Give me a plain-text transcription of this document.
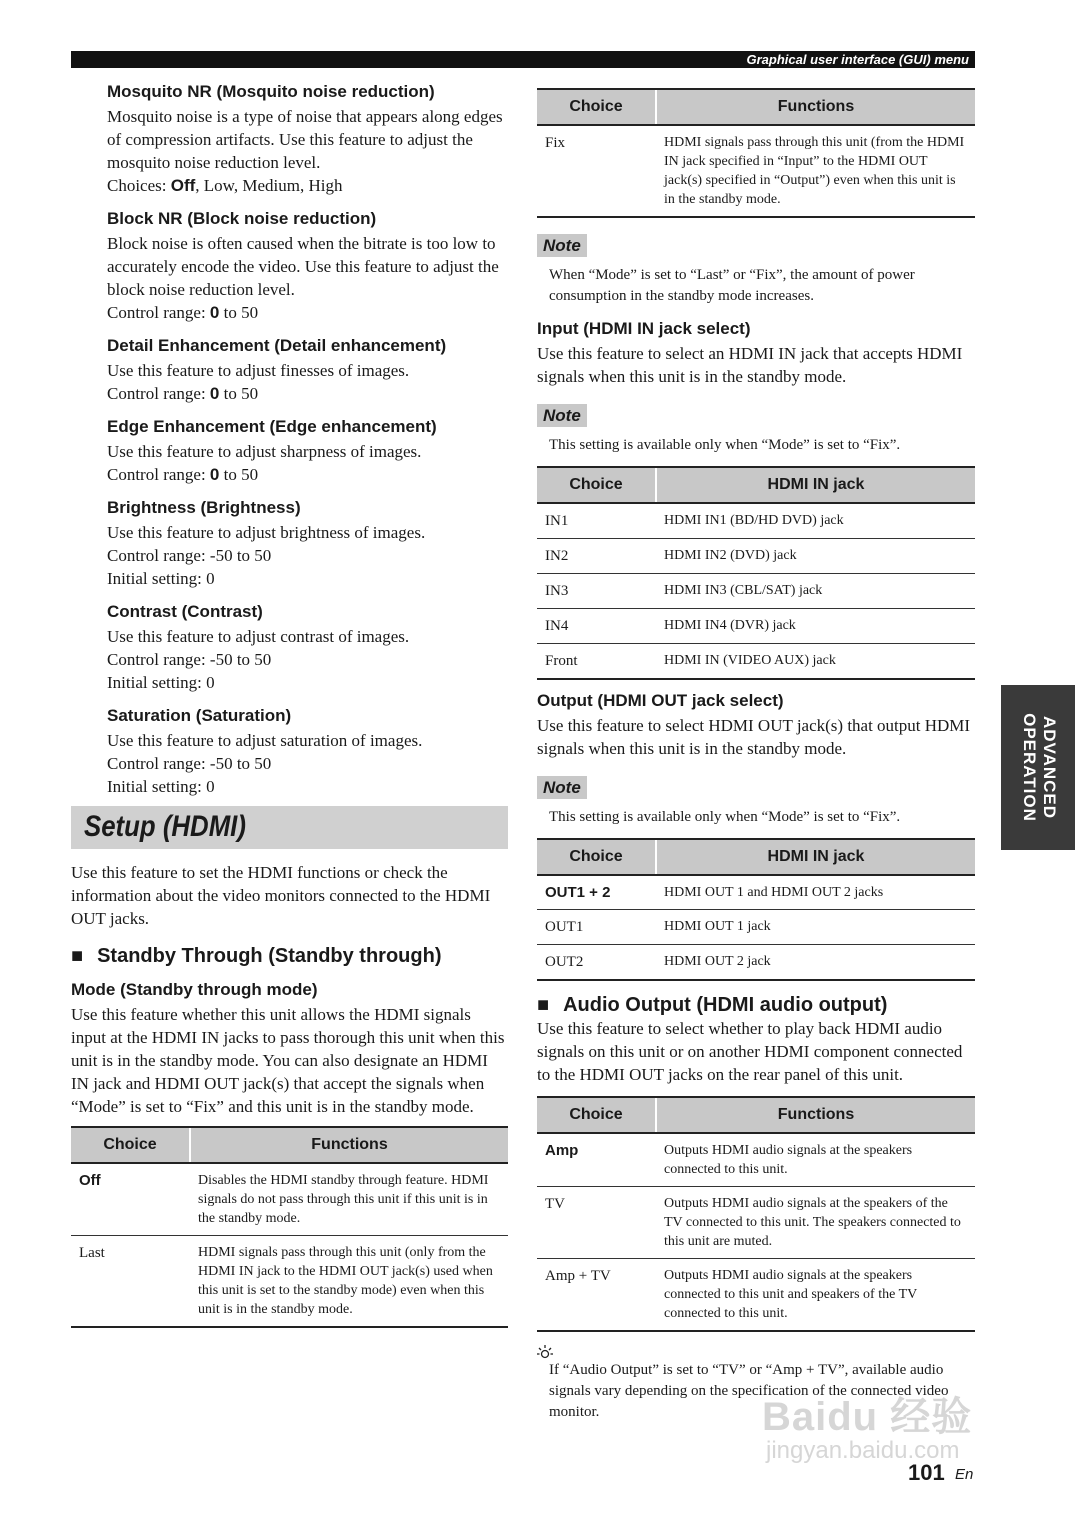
Graphical user interface (GUI) menu

Mosquito NR (Mosquito noise reduction)

Mosquito noise is a type of noise that appears along edges of compression artifacts. Use this feature to adjust the mosquito noise reduction level.

Choices: Off, Low, Medium, High

Block NR (Block noise reduction)

Block noise is often caused when the bitrate is too low to accurately encode the video. Use this feature to adjust the block noise reduction level.

Control range: 0 to 50

Detail Enhancement (Detail enhancement)

Use this feature to adjust finesses of images.

Control range: 0 to 50

Edge Enhancement (Edge enhancement)

Use this feature to adjust sharpness of images.

Control range: 0 to 50

Brightness (Brightness)

Use this feature to adjust brightness of images.

Control range: -50 to 50

Initial setting: 0

Contrast (Contrast)

Use this feature to adjust contrast of images.

Control range: -50 to 50

Initial setting: 0

Saturation (Saturation)

Use this feature to adjust saturation of images.

Control range: -50 to 50

Initial setting: 0

Setup (HDMI)

Use this feature to set the HDMI functions or check the information about the video monitors connected to the HDMI OUT jacks.

■ Standby Through (Standby through)

Mode (Standby through mode)

Use this feature whether this unit allows the HDMI signals input at the HDMI IN jacks to pass thorough this unit when this unit is in the standby mode. You can also designate an HDMI IN jack and HDMI OUT jack(s) that accept the signals when “Mode” is set to “Fix” and this unit is in the standby mode.

Choice	Functions
Off	Disables the HDMI standby through feature. HDMI signals do not pass through this unit if this unit is in the standby mode.
Last	HDMI signals pass through this unit (only from the HDMI IN jack to the HDMI OUT jack(s) used when this unit is set to the standby mode) even when this unit is in the standby mode.
Choice	Functions
Fix	HDMI signals pass through this unit (from the HDMI IN jack specified in “Input” to the HDMI OUT jack(s) specified in “Output”) even when this unit is in the standby mode.
Note

When “Mode” is set to “Last” or “Fix”, the amount of power consumption in the standby mode increases.

Input (HDMI IN jack select)

Use this feature to select an HDMI IN jack that accepts HDMI signals when this unit is in the standby mode.

Note

This setting is available only when “Mode” is set to “Fix”.

Choice	HDMI IN jack
IN1	HDMI IN1 (BD/HD DVD) jack
IN2	HDMI IN2 (DVD) jack
IN3	HDMI IN3 (CBL/SAT) jack
IN4	HDMI IN4 (DVR) jack
Front	HDMI IN (VIDEO AUX) jack

Output (HDMI OUT jack select)

Use this feature to select HDMI OUT jack(s) that output HDMI signals when this unit is in the standby mode.

Note

This setting is available only when “Mode” is set to “Fix”.

Choice	HDMI IN jack
OUT1 + 2	HDMI OUT 1 and HDMI OUT 2 jacks
OUT1	HDMI OUT 1 jack
OUT2	HDMI OUT 2 jack

■ Audio Output (HDMI audio output)

Use this feature to select whether to play back HDMI audio signals on this unit or on another HDMI component connected to the HDMI OUT jacks on the rear panel of this unit.

Choice	Functions
Amp	Outputs HDMI audio signals at the speakers connected to this unit.
TV	Outputs HDMI audio signals at the speakers of the TV connected to this unit. The speakers connected to this unit are muted.
Amp + TV	Outputs HDMI audio signals at the speakers connected to this unit and speakers of the TV connected to this unit.

If “Audio Output” is set to “TV” or “Amp + TV”, available audio signals vary depending on the specification of the connected video monitor.

ADVANCED
OPERATION
Baidu 经验
jingyan.baidu.com
101 En
